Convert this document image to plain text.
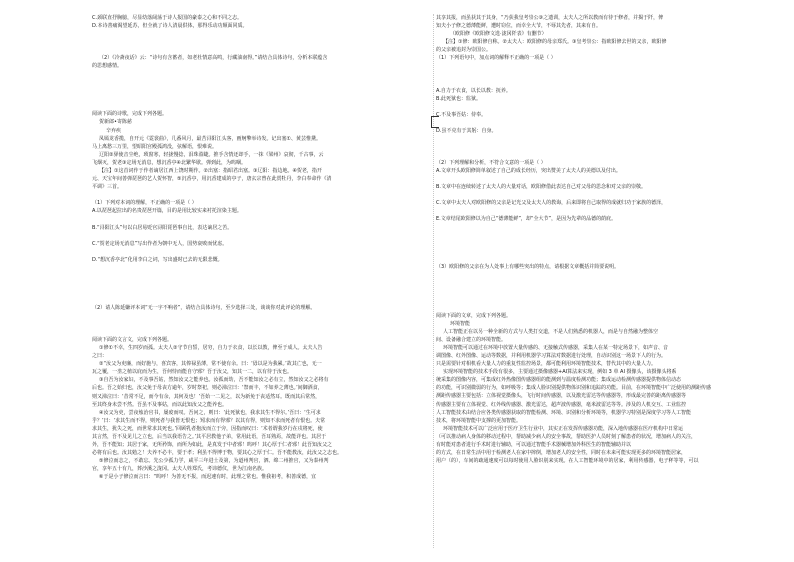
C.颈联直抒胸臆，尽显幼落阔荡于诗人报国的豪泰之心和不同之志。

D.本诗善痛渴望延苏，但全就了诗人清晨供体，那得乐动功颠面同质。

（2）《冷斋夜话》云：“诗句有含蓄者，如老杜情意高鸣，行藏油南得。”请结合具体诗句，分析本联蕴含

的思想感情。

阅读下面的诗歌，完成下列各题。

贺新郎•寄陈慈

辛弃疾

凤嫣龙香揽，自开元《霓裳曲》，几番风月，最苦浔阳江头客，画舸擎举诗发。记出塞①、黄芸惟黛。

马上离愁三万里，望昭阳宫殿孤鸿没，弦解语，恨难说。

辽阳②驿使音尘绝，琐窗寒，轻拢慢捻，泪珠盈睫。推手含情还却手，一抹《梁州》哀彻，千古事，云

飞烟灭，贺老③定场无消息，想沉香亭④北繁华歇。弹到此，为呜咽。

【注】①这首词作于作者谪居江西上饶时期作。②出塞：指昭君出塞。③辽阳：指边地。④贺老，指开

元、天宝年间善弹琵琶的艺人贺怀智，⑤沉香亭，用沉香建成的亭子，唐玄宗曾在此赏牡丹，李白奉命作《清

平调》三首。

（1）下列对本词的理解，不正确的一项是（ ）

A.以琵琶起拉出的名贵琵琶开篇，目的是用比较实来衬托渲染主题。

B.“浔阳江头”句以白居易贬官浔阳琵琶事自比，表达谪居之苦。

C.“贺老定场无消息”写出作者为朝中无人，国势衰败而忧虑。

D.“想沉香亭北”化用李白之词，写出盛时已去的无限悲慨。

（2）请人陈延嫌评本词“无一字不响者”，请结合具体诗句，至少选择三处，谈谈你对此评论的理解。

阅读下面的文言文，完成下列各题。

①修①不幸，生四岁而孤。太夫人②守节自誓，居穷，自力于衣食，以长以教，俾至于成人。太夫人告

之曰：

②“汝父为吏廉，而好施与，喜宾客，其俸禄虽薄，常不使有余。曰：‘毋以是为我累。’故其亡也，无一

瓦之覆，一垄之植以庇而为生，吾何恃而能自守邪？吾于汝父，知其一二，以有待于汝也。

③自吾为汝家妇，不及事吾姑，然知汝父之能养也。汝孤而幼，吾不能知汝之必有立，然知汝父之必将有

后也。吾之始归也，汝父免于母丧方逾年，岁时祭祀，则必涕泣曰：‘祭而丰，不如养之薄也。’间御酒食，

则又涕泣曰：‘昔常不足，而今有余，其何及也！’吾始一二见之，以为新免于丧适然耳。既而其后常然，

至其终身未尝不然。吾虽不及事姑，而以此知汝父之能养也。

④汝父为吏，尝夜烛治官书，屡废而叹。吾问之，则曰：‘此死狱也，我求其生不得尔。’吾曰：‘生可求

乎？’曰：‘求其生而不得，则死者与我皆无恨也；矧求而有得邪？以其有得，则知不求而死者有恨也。夫常

求其生，犹失之死，而世常求其死也。’回顾乳者抱汝而立于旁，因指而叹曰：‘术者谓我岁行在戌将死，使

其言然，吾不及见儿之立也，后当以我语告之。’其平居教他子弟，常用此语，吾耳熟焉，故能详也。其居于

外，吾不能知；其居于家，无所矜饰，而所为如此，是真发于中者邪！呜呼！其心厚于仁者邪！此吾知汝父之

必将有后也。汝其勉之！夫养不必丰，要于孝；利虽不得博于物，要其心之厚于仁。吾不能教汝，此汝父之志也。

⑤修泣而志之，不敢忘。先公少孤力学，咸平三年进士及第，为道州判官，泗、绵二州推官，又为泰州判

官，享年五十有九，葬沙溪之泷冈。太夫人姓郑氏，考讳德仪，世为江南名族。

⑥于是小子修泣而言曰：“呜呼！为善无不报，而迟速有时，此理之常也。惟我祖考，积善成德，宜

其享其报，而虽获其于其身，“乃获我皇考崇公③之遗训，太夫人之所以教而有待于修者，并揭于阡，俾

知夫小子修之德薄能鲜，遭时窃位，而幸全大节，不辱其先者，其来有自。

（欧阳修《欧阳修文选·泷冈阡表》有删节）

【注】①修：欧阳修自称。②太夫人：欧阳修的母亲郑氏。③皇考崇公：指欧阳修去世的父亲，欧阳修

的父亲被追封为崇国公。

（1）下列语句中，加点词的解释不正确的一项是（ ）

A.自力于衣食，以长以教：抚养。

B.此死狱也：监狱。

C.不及事吾姑：侍奉。

D.虽不克有于其躬：自身。

（2）下列理解和分析，不符合文意的一项是（ ）

A.文章开头欧阳修简单叙述了自己的成长经历，突出赞美了太夫人的美德以及付出。

B.文章中在连续转述了太夫人的大量对话，欧阳修借此表达自己对父母的思念和对父亲的崇敬。

C.文章中太夫人对欧阳修的父亲是记光父及太夫人的教诲，后来即将自己取得的成就归功于家族的德泽，

E.文章结尾欧阳修以为自己“德薄能鲜”，却“全大节”，是因为先辈的品德的荫庇。

（3）欧阳修的父亲在为人处事上有哪些突出的特点，请根据文章概括并简要说明。

阅读下面的文章，完成下列各题。

环境智能

人工智能正在以另一种全新的方式与人类打交道，不是人们熟悉的机器人，而是与自然融为整体空

间、设备融合建立的环境智能。

环境智能可以通过在环境中放置大量传感的、无接触式传感器，采集人在某一特定场景下，如声音、音

调图像、红外图像、运动等数据，并利用机器学习算法对数据进行处理，自动识别这一场景下人的行为。

只是需要针对相机看大量人力的重复性监控场景，都可能利用环境智能技术，替代其中的大量人力。

实现环境智能的技术手段有很多，主要通过摄像感器+AI算法来实现，例如 3 单 AI 摄像头，该摄像头将系

统采集的图像内容，可集成红外热像图传感器组的能测到与温度检测功能；集成运动检测传感器提供物体信动态

的功能，可识别微弱的行为，如呼吸等；集成人脸识别提供物体识别和追踪的功能。目前，在环境智能中广泛使用的测距传感

测距传感器主要包括：立体视觉摄像头，飞行时间传感器，以及激光雷达等传感器等，形成最完善的距离传感器等

传感器主要有立体视觉、红外线传感器、激光雷达，超声波传感器，毫米波雷达等等。涉及的人机交互、工业监控

人工智能技术由结合应各类传感器获取的智能检测、环境、识别和分析环境等，机器学习特别是深度学习等人工智能

技术，将环境智能中支撑的更加智能。

环境智能技术可以广泛应用于医疗卫生行业中，其实正在发挥传感器功能，深入地传感器在医疗机构中日常运

（可以推动病人身体的移动过程中，帮助减少病人的安全事故，帮助医护人员时刻了解患者的状况，增加病人的关注，

有时能对患者进行手术时进行辅助，可以通过智能手术器械增加外科医生的智能辅助并以

的方式，在日常生活中用于检测老人在家中摔倒，增加老人的安全性，同时在未来可能实现更多的环境智能居家，

用户（的），车间的疏通速度可以每时使用人脸识别来实现。在人工智能环境中的居家，利用传感器，电子秤等等，可以
